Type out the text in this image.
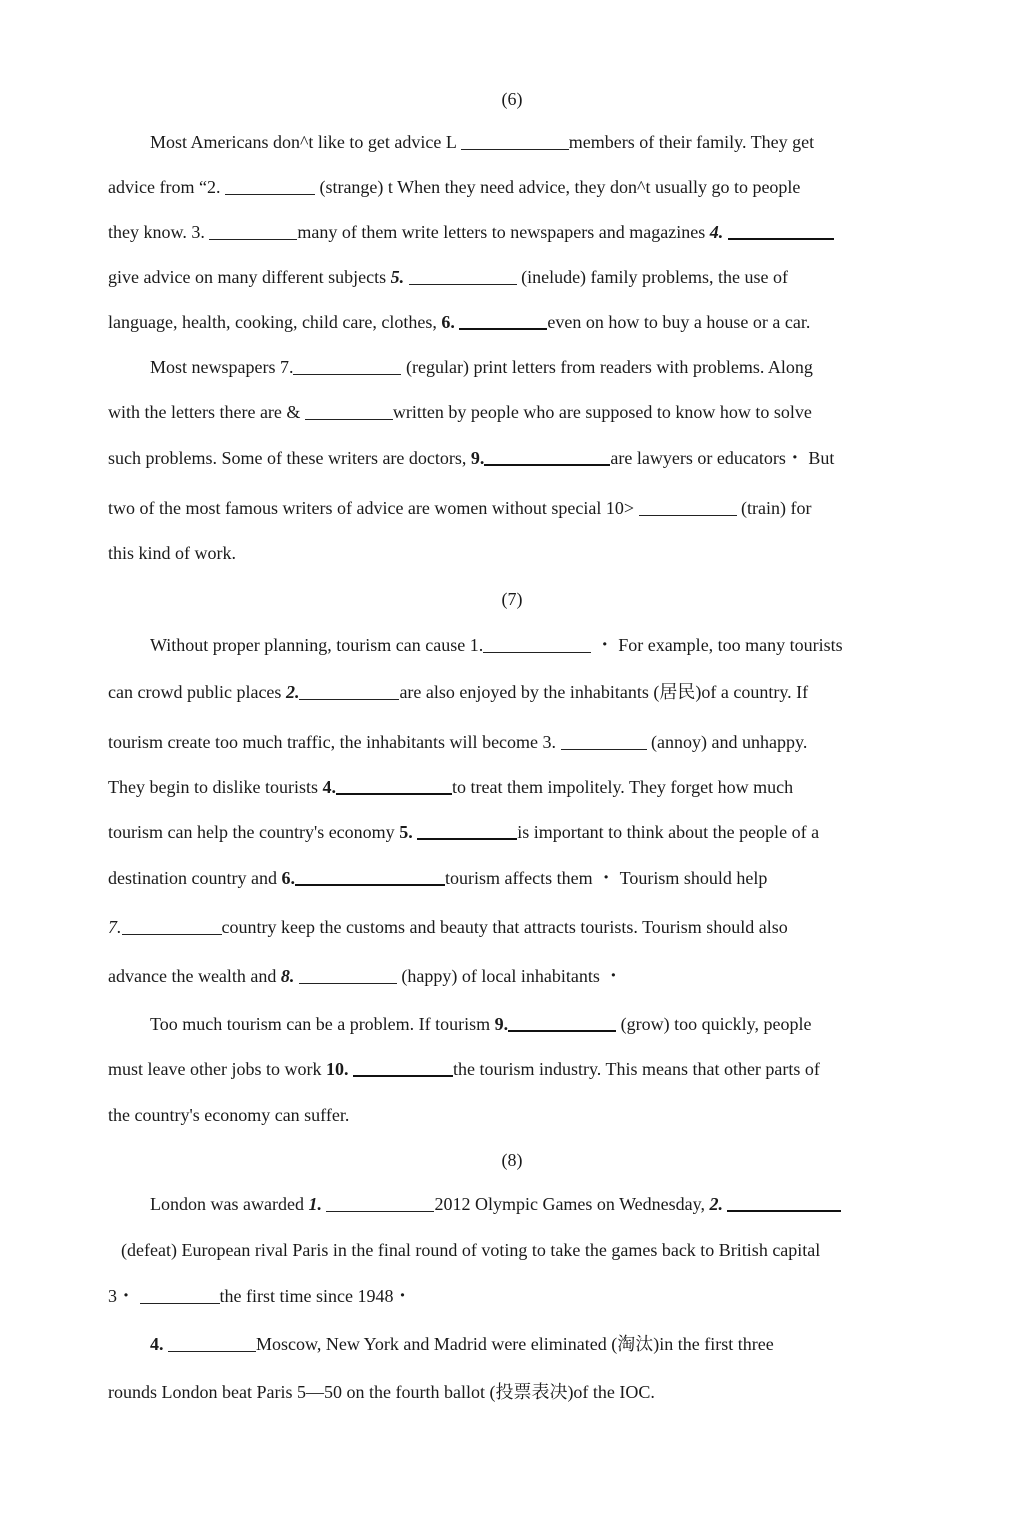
(6)
Most Americans don^t like to get advice L	members of their family. They get
advice from “2.	(strange) t When they need advice, they don^t usually go to people
they know. 3.	many of them write letters to newspapers and magazines 4.
give advice on many different subjects 5.	(inelude) family problems, the use of
language, health, cooking, child care, clothes, 6.	even on how to buy a house or a car.
Most newspapers 7.	(regular) print letters from readers with problems. Along
with the letters there are &	written by people who are supposed to know how to solve
such problems. Some of these writers are doctors, 9.	are lawyers or educators・ But
two of the most famous writers of advice are women without special 10>	(train) for
this kind of work.
(7)
Without proper planning, tourism can cause 1.	・ For example, too many tourists
can crowd public places 2.	are also enjoyed by the inhabitants (居民)of a country. If
tourism create too much traffic, the inhabitants will become 3.	(annoy) and unhappy.
They begin to dislike tourists 4.	to treat them impolitely. They forget how much
tourism can help the country's economy 5.	is important to think about the people of a
destination country and 6.	tourism affects them ・ Tourism should help
7.	country keep the customs and beauty that attracts tourists. Tourism should also
advance the wealth and 8.	(happy) of local inhabitants ・
Too much tourism can be a problem. If tourism 9.	(grow) too quickly, people
must leave other jobs to work 10.	the tourism industry. This means that other parts of
the country's economy can suffer.
(8)
London was awarded 1.	2012 Olympic Games on Wednesday, 2.
(defeat) European rival Paris in the final round of voting to take the games back to British capital
3・	the first time since 1948・
4.	Moscow, New York and Madrid were eliminated (淘汰)in the first three
rounds London beat Paris 5—50 on the fourth ballot (投票表决)of the IOC.
